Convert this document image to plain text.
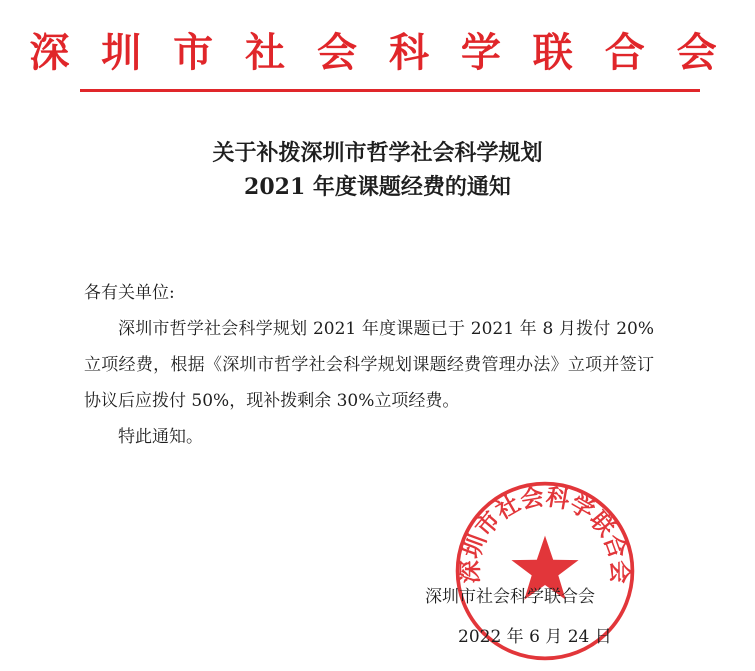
深 圳 市 社 会 科 学 联 合 会
关于补拨深圳市哲学社会科学规划
2021 年度课题经费的通知

各有关单位:

深圳市哲学社会科学规划 2021 年度课题已于 2021 年 8 月拨付 20%立项经费，根据《深圳市哲学社会科学规划课题经费管理办法》立项并签订协议后应拨付 50%，现补拨剩余 30%立项经费。

特此通知。

深圳市社会科学联合会
深圳市社会科学联合会
2022 年 6 月 24 日
